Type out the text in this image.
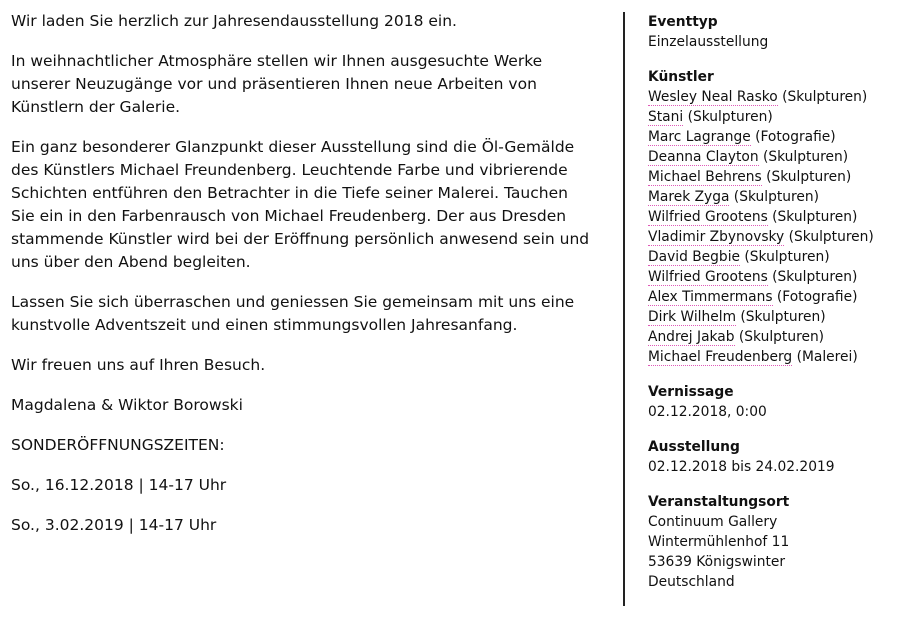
Wir laden Sie herzlich zur Jahresendausstellung 2018 ein.

In weihnachtlicher Atmosphäre stellen wir Ihnen ausgesuchte Werke unserer Neuzugänge vor und präsentieren Ihnen neue Arbeiten von Künstlern der Galerie.

Ein ganz besonderer Glanzpunkt dieser Ausstellung sind die Öl-Gemälde des Künstlers Michael Freundenberg. Leuchtende Farbe und vibrierende Schichten entführen den Betrachter in die Tiefe seiner Malerei. Tauchen Sie ein in den Farbenrausch von Michael Freudenberg. Der aus Dresden stammende Künstler wird bei der Eröffnung persönlich anwesend sein und uns über den Abend begleiten.

Lassen Sie sich überraschen und geniessen Sie gemeinsam mit uns eine kunstvolle Adventszeit und einen stimmungsvollen Jahresanfang.

Wir freuen uns auf Ihren Besuch.

Magdalena & Wiktor Borowski

SONDERÖFFNUNGSZEITEN:

So., 16.12.2018 | 14-17 Uhr

So., 3.02.2019 | 14-17 Uhr

Eventtyp
Einzelausstellung
Künstler
Wesley Neal Rasko (Skulpturen)
Stani (Skulpturen)
Marc Lagrange (Fotografie)
Deanna Clayton (Skulpturen)
Michael Behrens (Skulpturen)
Marek Zyga (Skulpturen)
Wilfried Grootens (Skulpturen)
Vladimir Zbynovsky (Skulpturen)
David Begbie (Skulpturen)
Wilfried Grootens (Skulpturen)
Alex Timmermans (Fotografie)
Dirk Wilhelm (Skulpturen)
Andrej Jakab (Skulpturen)
Michael Freudenberg (Malerei)
Vernissage
02.12.2018, 0:00
Ausstellung
02.12.2018 bis 24.02.2019
Veranstaltungsort
Continuum Gallery
Wintermühlenhof 11
53639 Königswinter
Deutschland
